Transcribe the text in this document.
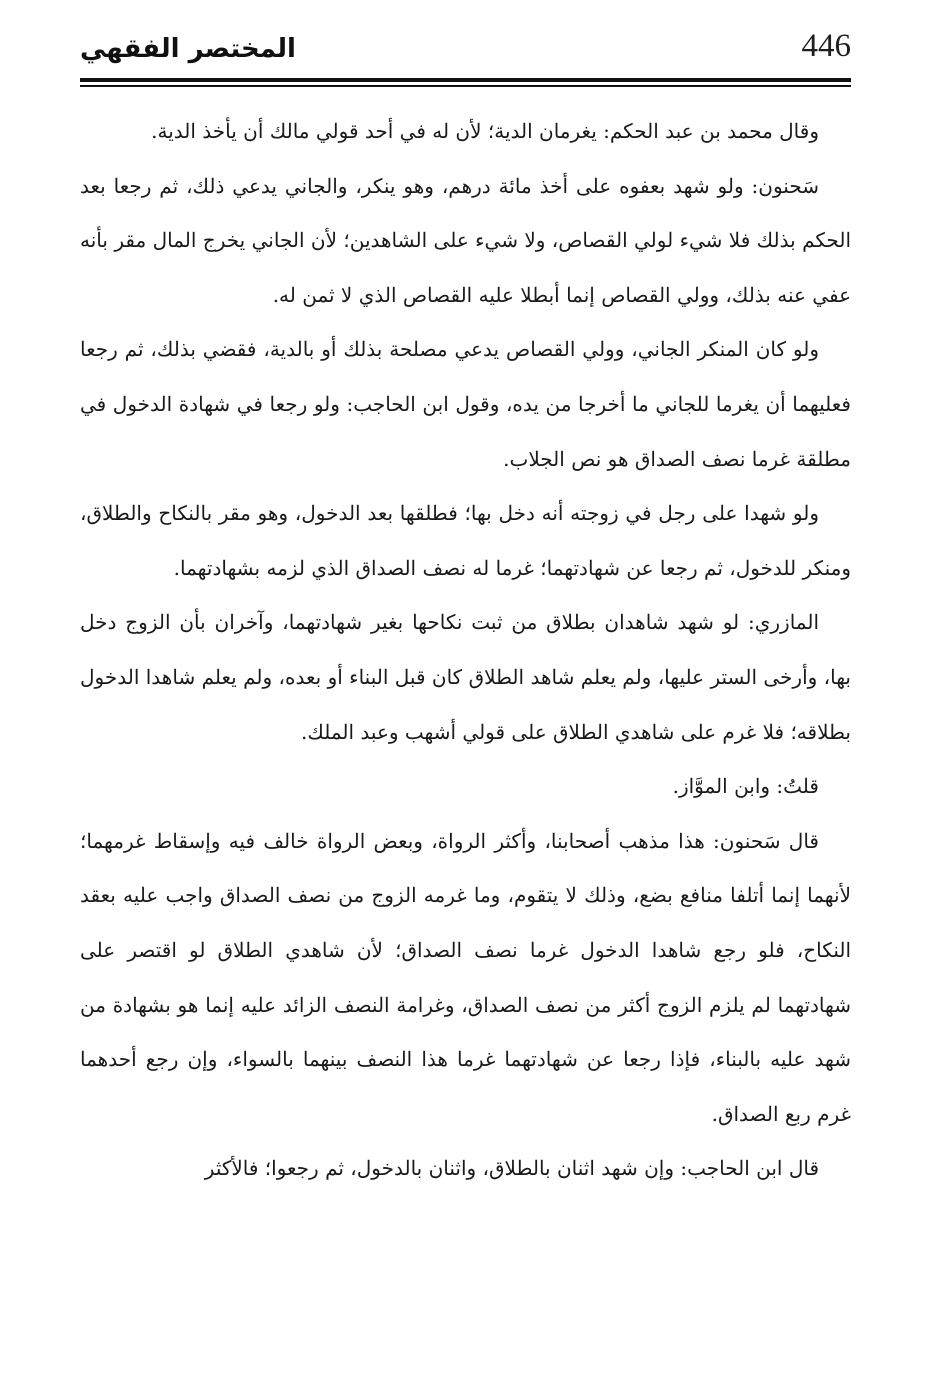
446
المختصر الفقهي

وقال محمد بن عبد الحكم: يغرمان الدية؛ لأن له في أحد قولي مالك أن يأخذ الدية.

سَحنون: ولو شهد بعفوه على أخذ مائة درهم، وهو ينكر، والجاني يدعي ذلك، ثم رجعا بعد الحكم بذلك فلا شيء لولي القصاص، ولا شيء على الشاهدين؛ لأن الجاني يخرج المال مقر بأنه عفي عنه بذلك، وولي القصاص إنما أبطلا عليه القصاص الذي لا ثمن له.

ولو كان المنكر الجاني، وولي القصاص يدعي مصلحة بذلك أو بالدية، فقضي بذلك، ثم رجعا فعليهما أن يغرما للجاني ما أخرجا من يده، وقول ابن الحاجب: ولو رجعا في شهادة الدخول في مطلقة غرما نصف الصداق هو نص الجلاب.

ولو شهدا على رجل في زوجته أنه دخل بها؛ فطلقها بعد الدخول، وهو مقر بالنكاح والطلاق، ومنكر للدخول، ثم رجعا عن شهادتهما؛ غرما له نصف الصداق الذي لزمه بشهادتهما.

المازري: لو شهد شاهدان بطلاق من ثبت نكاحها بغير شهادتهما، وآخران بأن الزوج دخل بها، وأرخى الستر عليها، ولم يعلم شاهد الطلاق كان قبل البناء أو بعده، ولم يعلم شاهدا الدخول بطلاقه؛ فلا غرم على شاهدي الطلاق على قولي أشهب وعبد الملك.

قلتُ: وابن الموَّاز.

قال سَحنون: هذا مذهب أصحابنا، وأكثر الرواة، وبعض الرواة خالف فيه وإسقاط غرمهما؛ لأنهما إنما أتلفا منافع بضع، وذلك لا يتقوم، وما غرمه الزوج من نصف الصداق واجب عليه بعقد النكاح، فلو رجع شاهدا الدخول غرما نصف الصداق؛ لأن شاهدي الطلاق لو اقتصر على شهادتهما لم يلزم الزوج أكثر من نصف الصداق، وغرامة النصف الزائد عليه إنما هو بشهادة من شهد عليه بالبناء، فإذا رجعا عن شهادتهما غرما هذا النصف بينهما بالسواء، وإن رجع أحدهما غرم ربع الصداق.

قال ابن الحاجب: وإن شهد اثنان بالطلاق، واثنان بالدخول، ثم رجعوا؛ فالأكثر
